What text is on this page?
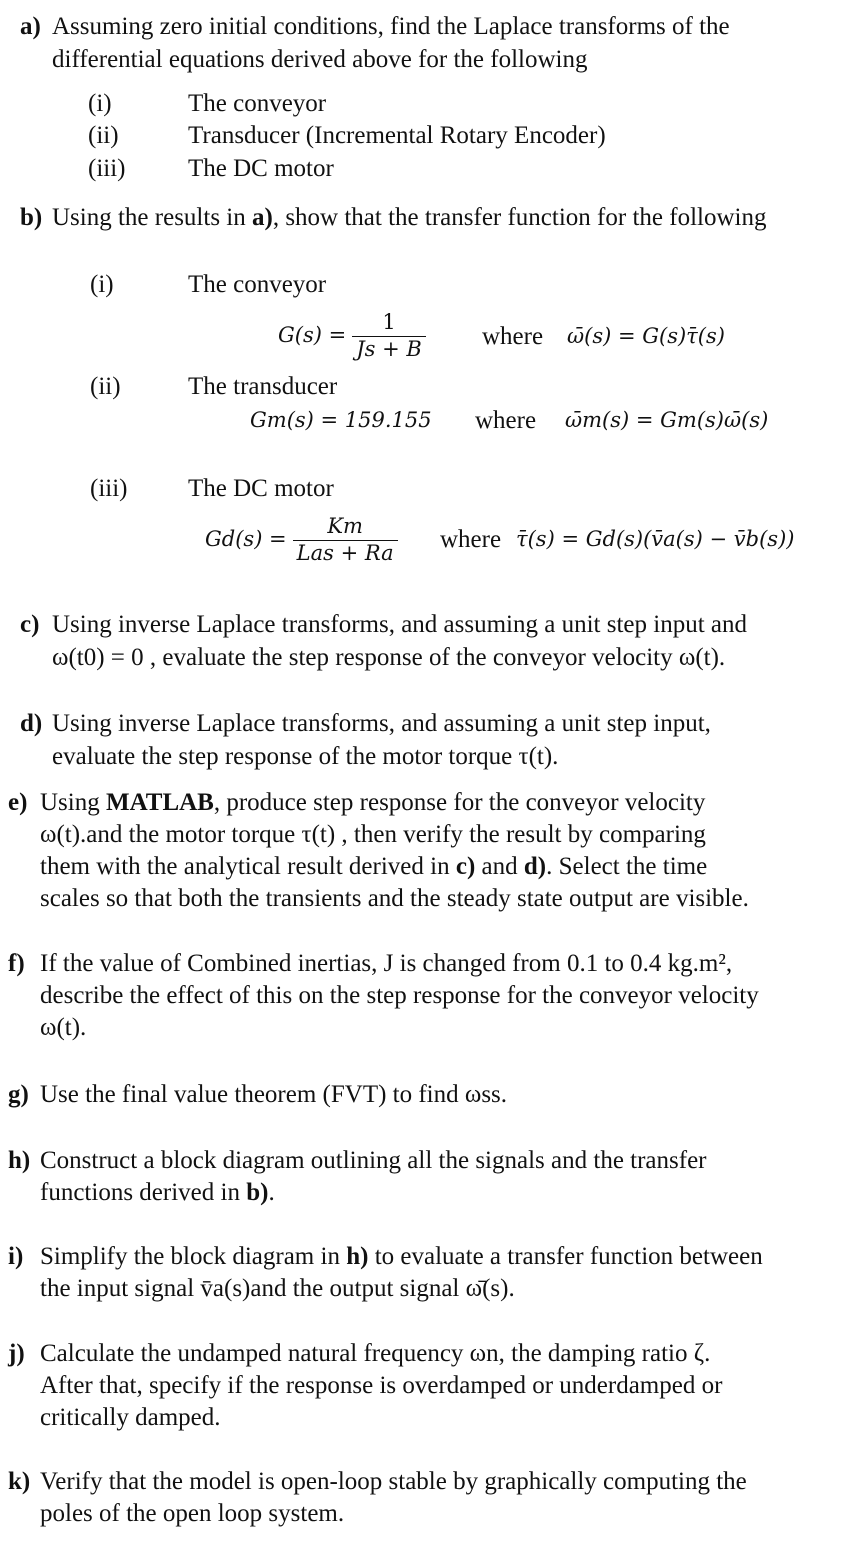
a) Assuming zero initial conditions, find the Laplace transforms of the
differential equations derived above for the following
(i)	The conveyor
(ii)	Transducer (Incremental Rotary Encoder)
(iii)	The DC motor
b) Using the results in a), show that the transfer function for the following
(i)	The conveyor
$G(s) = \frac{1}{Js + B}$ where ω̄(s) = G(s)τ̄(s)
(ii)	The transducer
Gm(s) = 159.155 where ω̄m(s) = Gm(s)ω̄(s)
(iii) The DC motor
$Gd(s) = \frac{Km}{\text{Las + Ra}}$ where τ̄(s) = Gd(s)(v̄a(s) − v̄b(s))
c) Using inverse Laplace transforms, and assuming a unit step input and
ω(t0) = 0 , evaluate the step response of the conveyor velocity ω(t).
d) Using inverse Laplace transforms, and assuming a unit step input,
evaluate the step response of the motor torque τ(t).
e) Using MATLAB, produce step response for the conveyor velocity
ω(t).and the motor torque τ(t) , then verify the result by comparing
them with the analytical result derived in c) and d). Select the time
scales so that both the transients and the steady state output are visible.
f) If the value of Combined inertias, J is changed from 0.1 to 0.4 kg.m²,
describe the effect of this on the step response for the conveyor velocity
ω(t).
g) Use the final value theorem (FVT) to find ωss.
h) Construct a block diagram outlining all the signals and the transfer
functions derived in b).
i) Simplify the block diagram in h) to evaluate a transfer function between
the input signal v̄a(s)and the output signal ω̄(s).
j) Calculate the undamped natural frequency ωn, the damping ratio ζ.
After that, specify if the response is overdamped or underdamped or
critically damped.
k) Verify that the model is open-loop stable by graphically computing the
poles of the open loop system.
